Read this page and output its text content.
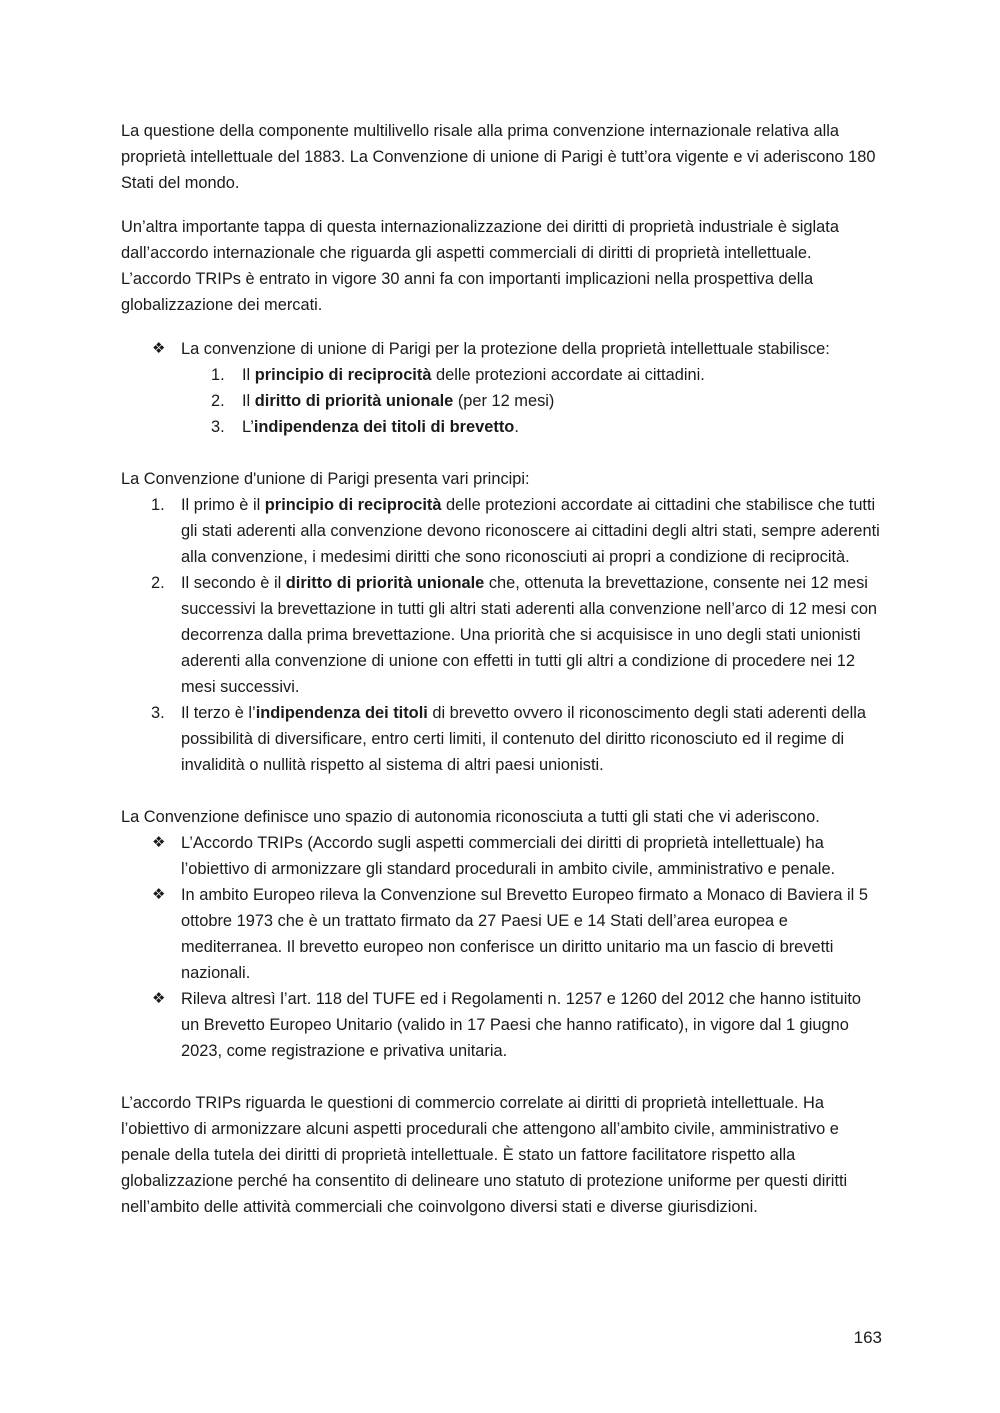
La questione della componente multilivello risale alla prima convenzione internazionale relativa alla proprietà intellettuale del 1883. La Convenzione di unione di Parigi è tutt’ora vigente e vi aderiscono 180 Stati del mondo.

Un’altra importante tappa di questa internazionalizzazione dei diritti di proprietà industriale è siglata dall’accordo internazionale che riguarda gli aspetti commerciali di diritti di proprietà intellettuale. L’accordo TRIPs è entrato in vigore 30 anni fa con importanti implicazioni nella prospettiva della globalizzazione dei mercati.

❖ La convenzione di unione di Parigi per la protezione della proprietà intellettuale stabilisce:
1. Il principio di reciprocità delle protezioni accordate ai cittadini.
2. Il diritto di priorità unionale (per 12 mesi)
3. L’indipendenza dei titoli di brevetto.

La Convenzione d'unione di Parigi presenta vari principi:

1. Il primo è il principio di reciprocità delle protezioni accordate ai cittadini che stabilisce che tutti gli stati aderenti alla convenzione devono riconoscere ai cittadini degli altri stati, sempre aderenti alla convenzione, i medesimi diritti che sono riconosciuti ai propri a condizione di reciprocità.
2. Il secondo è il diritto di priorità unionale che, ottenuta la brevettazione, consente nei 12 mesi successivi la brevettazione in tutti gli altri stati aderenti alla convenzione nell’arco di 12 mesi con decorrenza dalla prima brevettazione. Una priorità che si acquisisce in uno degli stati unionisti aderenti alla convenzione di unione con effetti in tutti gli altri a condizione di procedere nei 12 mesi successivi.
3. Il terzo è l’indipendenza dei titoli di brevetto ovvero il riconoscimento degli stati aderenti della possibilità di diversificare, entro certi limiti, il contenuto del diritto riconosciuto ed il regime di invalidità o nullità rispetto al sistema di altri paesi unionisti.

La Convenzione definisce uno spazio di autonomia riconosciuta a tutti gli stati che vi aderiscono.

❖ L’Accordo TRIPs (Accordo sugli aspetti commerciali dei diritti di proprietà intellettuale) ha l’obiettivo di armonizzare gli standard procedurali in ambito civile, amministrativo e penale.
❖ In ambito Europeo rileva la Convenzione sul Brevetto Europeo firmato a Monaco di Baviera il 5 ottobre 1973 che è un trattato firmato da 27 Paesi UE e 14 Stati dell’area europea e mediterranea. Il brevetto europeo non conferisce un diritto unitario ma un fascio di brevetti nazionali.
❖ Rileva altresì l’art. 118 del TUFE ed i Regolamenti n. 1257 e 1260 del 2012 che hanno istituito un Brevetto Europeo Unitario (valido in 17 Paesi che hanno ratificato), in vigore dal 1 giugno 2023, come registrazione e privativa unitaria.

L’accordo TRIPs riguarda le questioni di commercio correlate ai diritti di proprietà intellettuale. Ha l’obiettivo di armonizzare alcuni aspetti procedurali che attengono all’ambito civile, amministrativo e penale della tutela dei diritti di proprietà intellettuale. È stato un fattore facilitatore rispetto alla globalizzazione perché ha consentito di delineare uno statuto di protezione uniforme per questi diritti nell’ambito delle attività commerciali che coinvolgono diversi stati e diverse giurisdizioni.

163
